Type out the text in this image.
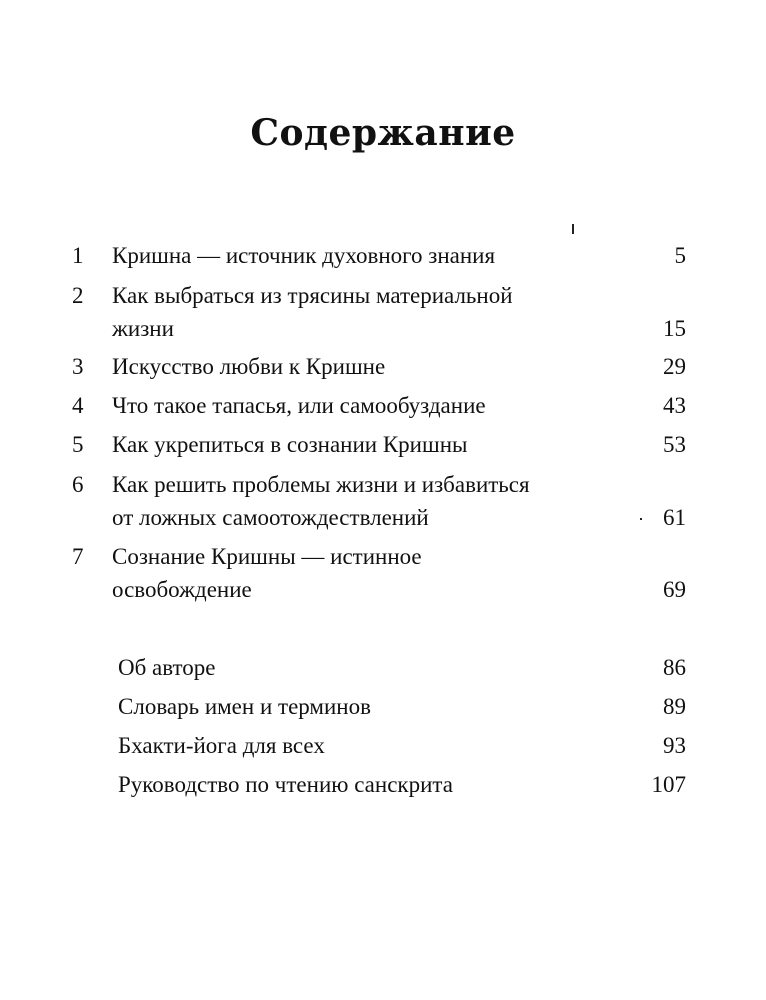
Содержание
1 Кришна — источник духовного знания	5
2 Как выбраться из трясины материальной
жизни	15
3 Искусство любви к Кришне	29
4 Что такое тапасья, или самообуздание	43
5 Как укрепиться в сознании Кришны	53
6 Как решить проблемы жизни и избавиться
от ложных самоотождествлений	61
7 Сознание Кришны — истинное
освобождение	69
Об авторе	86
Словарь имен и терминов	89
Бхакти-йога для всех	93
Руководство по чтению санскрита	107
